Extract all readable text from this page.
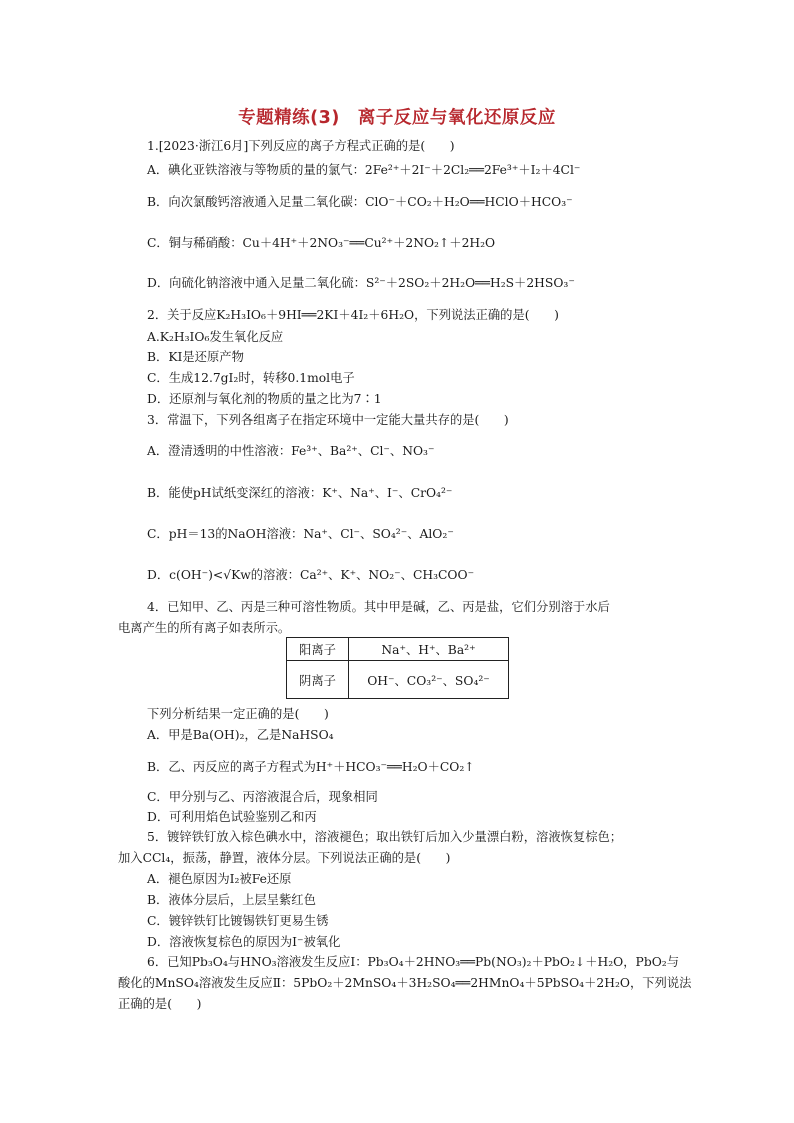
专题精练(3)　离子反应与氧化还原反应
1.[2023·浙江6月]下列反应的离子方程式正确的是(　　)
A．碘化亚铁溶液与等物质的量的氯气：2Fe²⁺＋2I⁻＋2Cl₂══2Fe³⁺＋I₂＋4Cl⁻
B．向次氯酸钙溶液通入足量二氧化碳：ClO⁻＋CO₂＋H₂O══HClO＋HCO₃⁻
C．铜与稀硝酸：Cu＋4H⁺＋2NO₃⁻══Cu²⁺＋2NO₂↑＋2H₂O
D．向硫化钠溶液中通入足量二氧化硫：S²⁻＋2SO₂＋2H₂O══H₂S＋2HSO₃⁻
2．关于反应K₂H₃IO₆＋9HI══2KI＋4I₂＋6H₂O，下列说法正确的是(　　)
A.K₂H₃IO₆发生氧化反应
B．KI是还原产物
C．生成12.7gI₂时，转移0.1mol电子
D．还原剂与氧化剂的物质的量之比为7∶1
3．常温下，下列各组离子在指定环境中一定能大量共存的是(　　)
A．澄清透明的中性溶液：Fe³⁺、Ba²⁺、Cl⁻、NO₃⁻
B．能使pH试纸变深红的溶液：K⁺、Na⁺、I⁻、CrO₄²⁻
C．pH＝13的NaOH溶液：Na⁺、Cl⁻、SO₄²⁻、AlO₂⁻
D．c(OH⁻)<√Kw的溶液：Ca²⁺、K⁺、NO₂⁻、CH₃COO⁻
4．已知甲、乙、丙是三种可溶性物质。其中甲是碱，乙、丙是盐，它们分别溶于水后
电离产生的所有离子如表所示。
阳离子	Na⁺、H⁺、Ba²⁺
阴离子	OH⁻、CO₃²⁻、SO₄²⁻
下列分析结果一定正确的是(　　)
A．甲是Ba(OH)₂，乙是NaHSO₄
B．乙、丙反应的离子方程式为H⁺＋HCO₃⁻══H₂O＋CO₂↑
C．甲分别与乙、丙溶液混合后，现象相同
D．可利用焰色试验鉴别乙和丙
5．镀锌铁钉放入棕色碘水中，溶液褪色；取出铁钉后加入少量漂白粉，溶液恢复棕色；
加入CCl₄，振荡，静置，液体分层。下列说法正确的是(　　)
A．褪色原因为I₂被Fe还原
B．液体分层后，上层呈紫红色
C．镀锌铁钉比镀锡铁钉更易生锈
D．溶液恢复棕色的原因为I⁻被氧化
6．已知Pb₃O₄与HNO₃溶液发生反应Ⅰ：Pb₃O₄＋2HNO₃══Pb(NO₃)₂＋PbO₂↓＋H₂O，PbO₂与
酸化的MnSO₄溶液发生反应Ⅱ：5PbO₂＋2MnSO₄＋3H₂SO₄══2HMnO₄＋5PbSO₄＋2H₂O，下列说法
正确的是(　　)
